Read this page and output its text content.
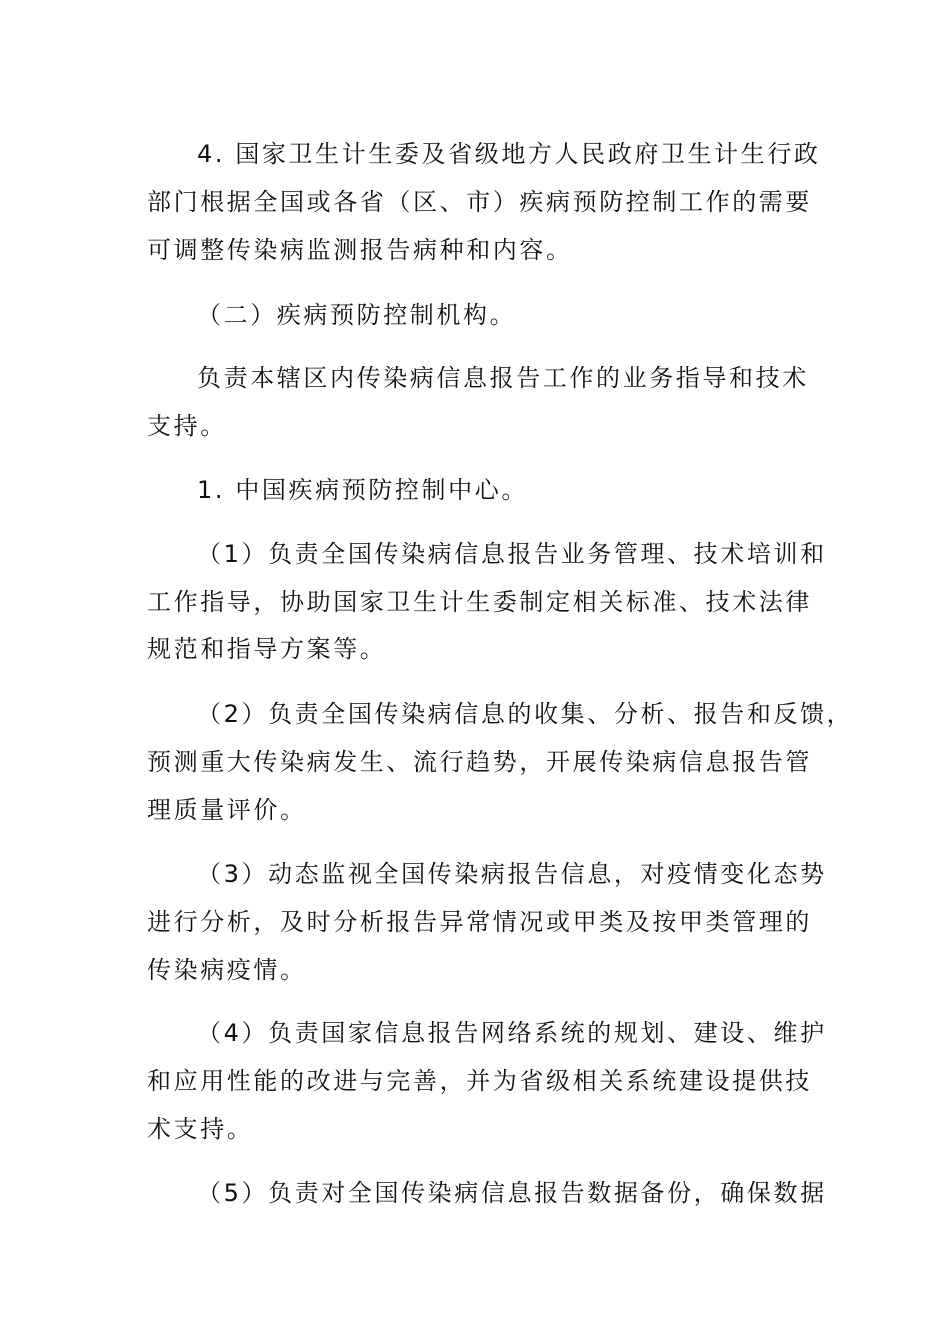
4. 国家卫生计生委及省级地方人民政府卫生计生行政
部门根据全国或各省（区、市）疾病预防控制工作的需要
可调整传染病监测报告病种和内容。
（二）疾病预防控制机构。
负责本辖区内传染病信息报告工作的业务指导和技术
支持。
1. 中国疾病预防控制中心。
（1）负责全国传染病信息报告业务管理、技术培训和
工作指导，协助国家卫生计生委制定相关标准、技术法律
规范和指导方案等。
（2）负责全国传染病信息的收集、分析、报告和反馈，
预测重大传染病发生、流行趋势，开展传染病信息报告管
理质量评价。
（3）动态监视全国传染病报告信息，对疫情变化态势
进行分析，及时分析报告异常情况或甲类及按甲类管理的
传染病疫情。
（4）负责国家信息报告网络系统的规划、建设、维护
和应用性能的改进与完善，并为省级相关系统建设提供技
术支持。
（5）负责对全国传染病信息报告数据备份，确保数据
